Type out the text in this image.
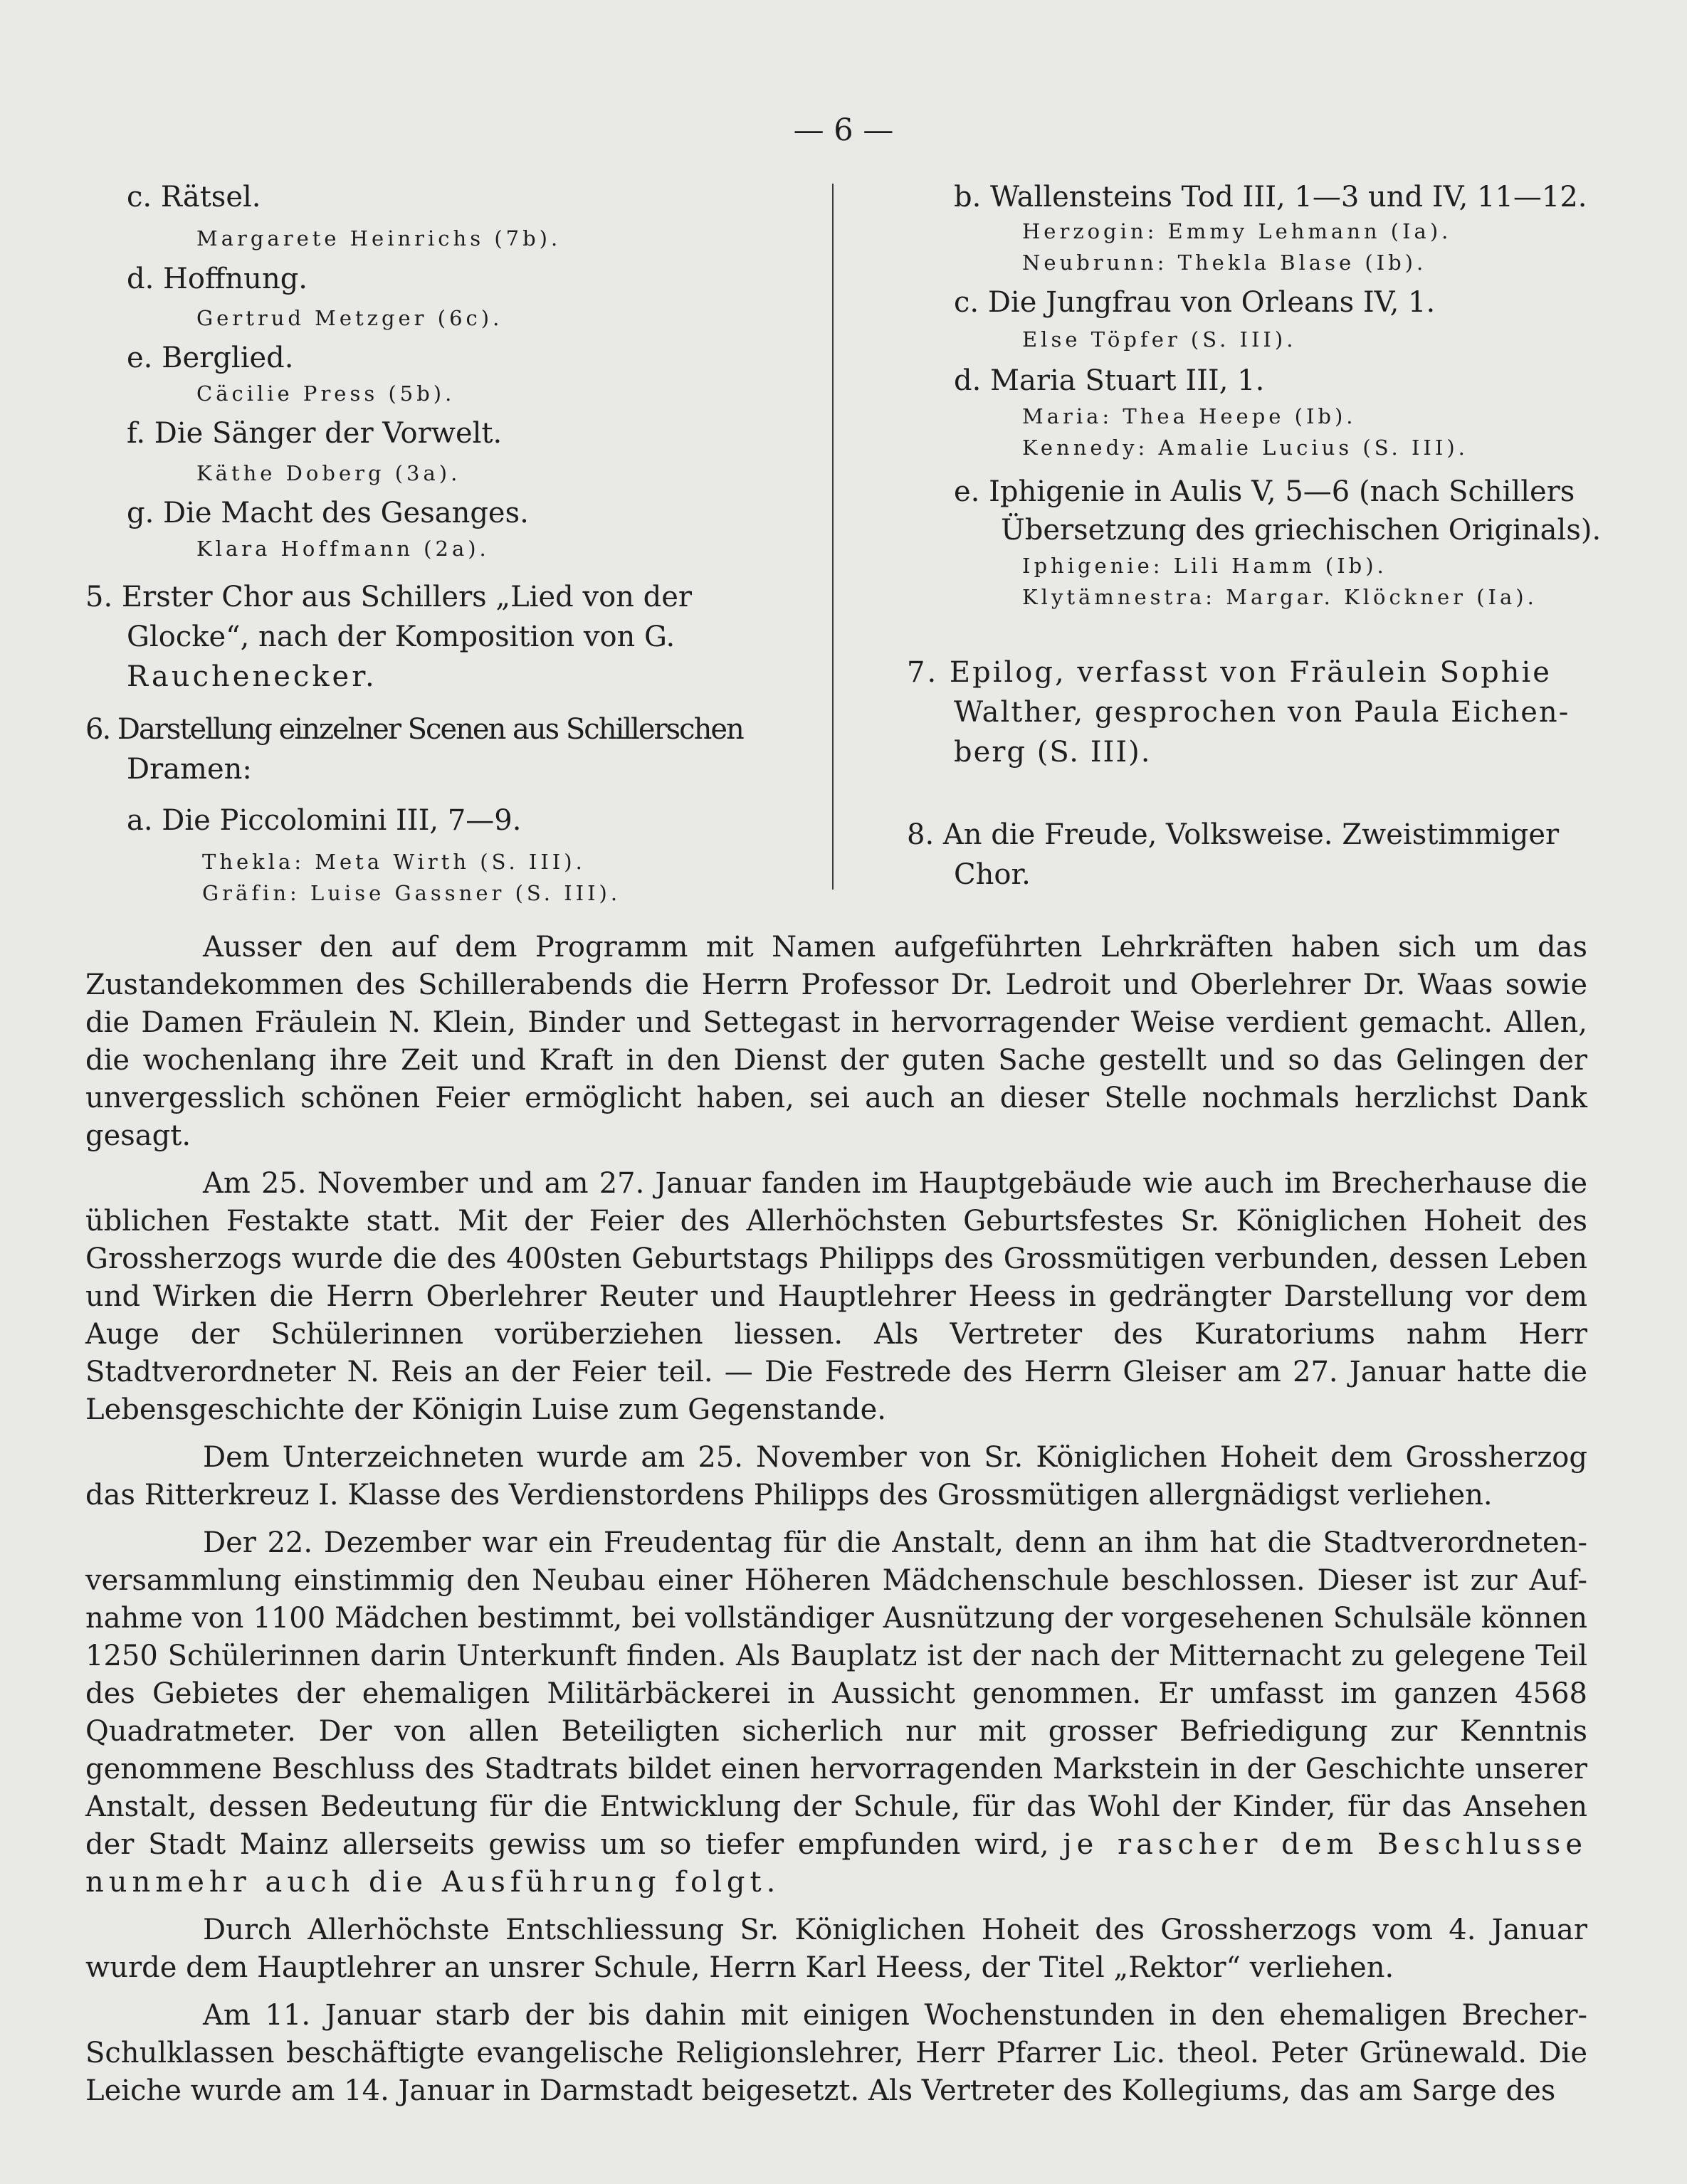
— 6 —
c. Rätsel.
Margarete Heinrichs (7b).
d. Hoffnung.
Gertrud Metzger (6c).
e. Berglied.
Cäcilie Press (5b).
f. Die Sänger der Vorwelt.
Käthe Doberg (3a).
g. Die Macht des Gesanges.
Klara Hoffmann (2a).
5. Erster Chor aus Schillers „Lied von der
Glocke“, nach der Komposition von G.
Rauchenecker.
6. Darstellung einzelner Scenen aus Schillerschen
Dramen:
a. Die Piccolomini III, 7—9.
Thekla: Meta Wirth (S. III).
Gräfin: Luise Gassner (S. III).
b. Wallensteins Tod III, 1—3 und IV, 11—12.
Herzogin: Emmy Lehmann (Ia).
Neubrunn: Thekla Blase (Ib).
c. Die Jungfrau von Orleans IV, 1.
Else Töpfer (S. III).
d. Maria Stuart III, 1.
Maria: Thea Heepe (Ib).
Kennedy: Amalie Lucius (S. III).
e. Iphigenie in Aulis V, 5—6 (nach Schillers
Übersetzung des griechischen Originals).
Iphigenie: Lili Hamm (Ib).
Klytämnestra: Margar. Klöckner (Ia).
7. Epilog, verfasst von Fräulein Sophie
Walther, gesprochen von Paula Eichen-
berg (S. III).
8. An die Freude, Volksweise. Zweistimmiger
Chor.

Ausser den auf dem Programm mit Namen aufgeführten Lehrkräften haben sich um das Zustandekommen des Schillerabends die Herrn Professor Dr. Ledroit und Oberlehrer Dr. Waas sowie die Damen Fräulein N. Klein, Binder und Settegast in hervorragender Weise verdient gemacht. Allen, die wochenlang ihre Zeit und Kraft in den Dienst der guten Sache gestellt und so das Gelingen der unvergesslich schönen Feier ermöglicht haben, sei auch an dieser Stelle nochmals herzlichst Dank gesagt.

Am 25. November und am 27. Januar fanden im Hauptgebäude wie auch im Brecherhause die üblichen Festakte statt. Mit der Feier des Allerhöchsten Geburtsfestes Sr. Königlichen Hoheit des Grossherzogs wurde die des 400sten Geburtstags Philipps des Grossmütigen verbunden, dessen Leben und Wirken die Herrn Oberlehrer Reuter und Hauptlehrer Heess in gedrängter Darstellung vor dem Auge der Schülerinnen vorüberziehen liessen. Als Vertreter des Kuratoriums nahm Herr Stadtverordneter N. Reis an der Feier teil. — Die Festrede des Herrn Gleiser am 27. Januar hatte die Lebensgeschichte der Königin Luise zum Gegenstande.

Dem Unterzeichneten wurde am 25. November von Sr. Königlichen Hoheit dem Grossherzog das Ritterkreuz I. Klasse des Verdienstordens Philipps des Grossmütigen allergnädigst verliehen.

Der 22. Dezember war ein Freudentag für die Anstalt, denn an ihm hat die Stadtverordneten-versammlung einstimmig den Neubau einer Höheren Mädchenschule beschlossen. Dieser ist zur Auf-nahme von 1100 Mädchen bestimmt, bei vollständiger Ausnützung der vorgesehenen Schulsäle können 1250 Schülerinnen darin Unterkunft finden. Als Bauplatz ist der nach der Mitternacht zu gelegene Teil des Gebietes der ehemaligen Militärbäckerei in Aussicht genommen. Er umfasst im ganzen 4568 Quadratmeter. Der von allen Beteiligten sicherlich nur mit grosser Befriedigung zur Kenntnis genommene Beschluss des Stadtrats bildet einen hervorragenden Markstein in der Geschichte unserer Anstalt, dessen Bedeutung für die Entwicklung der Schule, für das Wohl der Kinder, für das Ansehen der Stadt Mainz allerseits gewiss um so tiefer empfunden wird, je rascher dem Beschlusse nunmehr auch die Ausführung folgt.

Durch Allerhöchste Entschliessung Sr. Königlichen Hoheit des Grossherzogs vom 4. Januar wurde dem Hauptlehrer an unsrer Schule, Herrn Karl Heess, der Titel „Rektor“ verliehen.

Am 11. Januar starb der bis dahin mit einigen Wochenstunden in den ehemaligen Brecher-Schulklassen beschäftigte evangelische Religionslehrer, Herr Pfarrer Lic. theol. Peter Grünewald. Die Leiche wurde am 14. Januar in Darmstadt beigesetzt. Als Vertreter des Kollegiums, das am Sarge des
